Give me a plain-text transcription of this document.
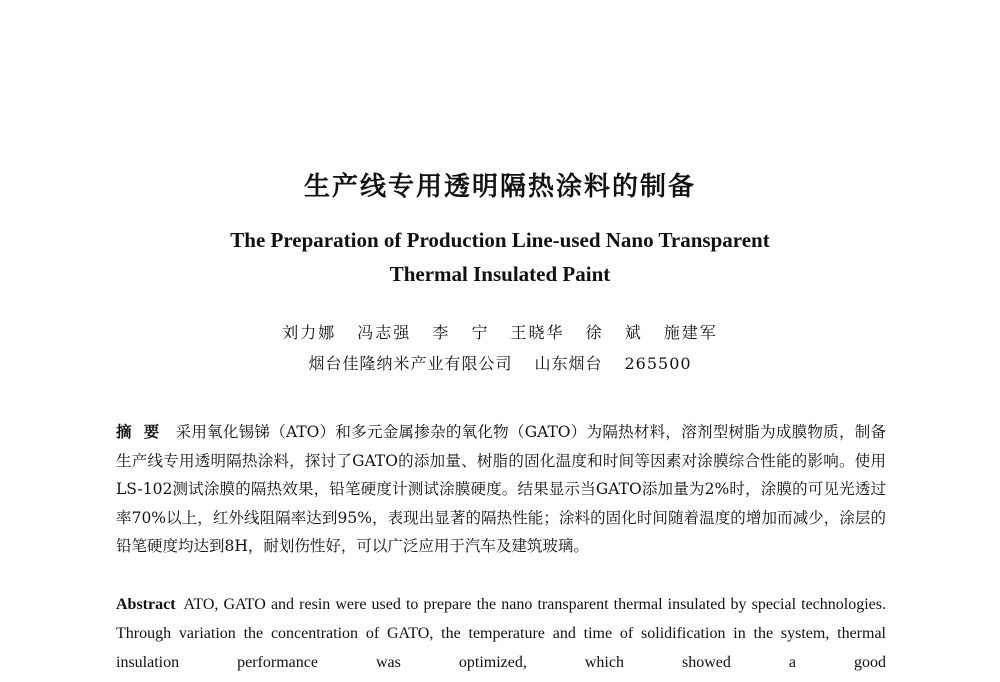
生产线专用透明隔热涂料的制备
The Preparation of Production Line-used Nano Transparent
Thermal Insulated Paint
刘力娜 冯志强 李 宁 王晓华 徐 斌 施建军
烟台佳隆纳米产业有限公司 山东烟台 265500
摘要 采用氧化锡锑（ATO）和多元金属掺杂的氧化物（GATO）为隔热材料，溶剂型树脂为成膜物质，制备生产线专用透明隔热涂料，探讨了GATO的添加量、树脂的固化温度和时间等因素对涂膜综合性能的影响。使用LS-102测试涂膜的隔热效果，铅笔硬度计测试涂膜硬度。结果显示当GATO添加量为2%时，涂膜的可见光透过率70%以上，红外线阻隔率达到95%，表现出显著的隔热性能；涂料的固化时间随着温度的增加而减少，涂层的铅笔硬度均达到8H，耐划伤性好，可以广泛应用于汽车及建筑玻璃。
Abstract ATO, GATO and resin were used to prepare the nano transparent thermal insulated by special technologies. Through variation the concentration of GATO, the temperature and time of solidification in the system, thermal insulation performance was optimized, which showed a good
